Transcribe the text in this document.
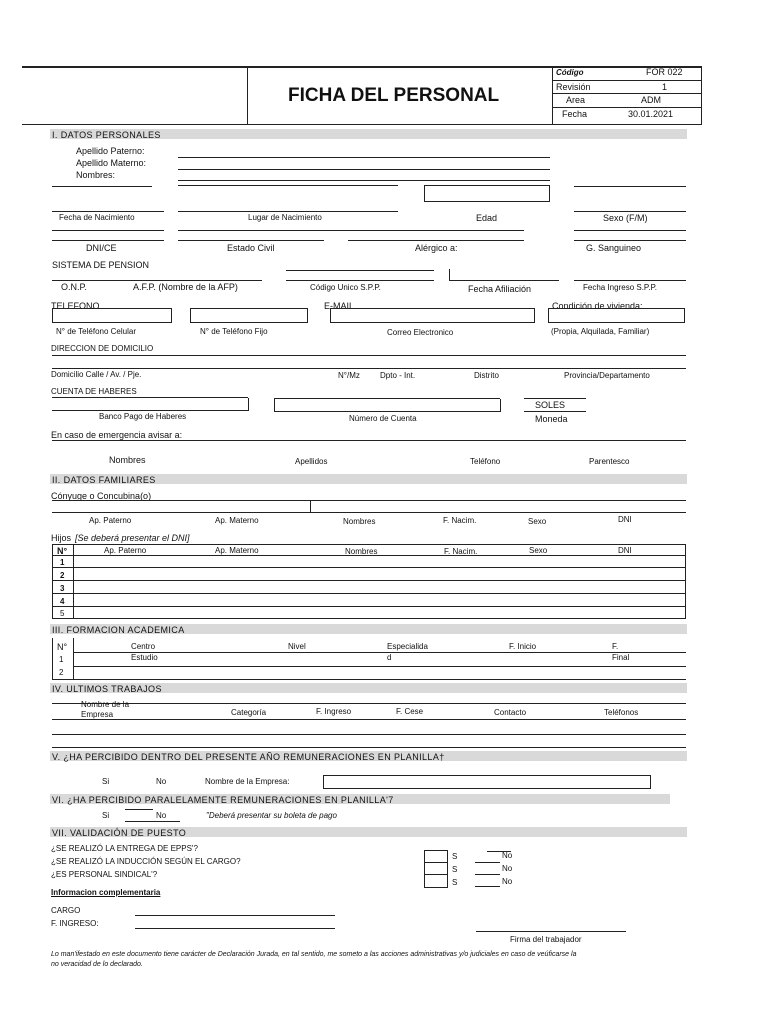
FICHA DEL PERSONAL
Código	FOR 022
Revisión	1
Area	ADM
Fecha	30.01.2021
I. DATOS PERSONALES
Apellido Paterno:
Apellido Materno:
Nombres:
Fecha de Nacimiento	Lugar de Nacimiento	Edad	Sexo (F/M)
DNI/CE	Estado Civil	Alérgico a:	G. Sanguineo
SISTEMA DE PENSION
O.N.P.	A.F.P. (Nombre de la AFP)	Código Unico S.P.P.	Fecha Afiliación	Fecha Ingreso S.P.P.
TELEFONO	E-MAIL	Condición de vivienda:
N° de Teléfono Celular	N° de Teléfono Fijo	Correo Electronico	(Propia, Alquilada, Familiar)
DIRECCION DE DOMICILIO
Domicilio Calle / Av. / Pje.	N°/Mz	Dpto - Int.	Distrito	Provincia/Departamento
CUENTA DE HABERES
SOLES
Banco Pago de Haberes	Número de Cuenta	Moneda
En caso de emergencia avisar a:
Nombres	Apellidos	Teléfono	Parentesco
II. DATOS FAMILIARES
Cónyuge o Concubina(o)
Ap. Paterno	Ap. Materno	Nombres	F. Nacim.	Sexo	DNI
Hijos [Se deberá presentar el DNI]
N°	Ap. Paterno	Ap. Materno	Nombres	F. Nacim.	Sexo	DNI
1
2
3
4
5
III. FORMACION ACADEMICA
N°	Centro	Nivel	Especialida	F. Inicio	F.
Estudio	d	Final
1
2
IV. ULTIMOS TRABAJOS
Nombre de la
Empresa	Categoría	F. Ingreso	F. Cese	Contacto	Teléfonos
V. ¿HA PERCIBIDO DENTRO DEL PRESENTE AÑO REMUNERACIONES EN PLANILLA†
Si	No	Nombre de la Empresa:
VI. ¿HA PERCIBIDO PARALELAMENTE REMUNERACIONES EN PLANILLA'7
Si	No	"Deberá presentar su boleta de pago
VII. VALIDACIÓN DE PUESTO
¿SE REALIZÓ LA ENTREGA DE EPPS'?
¿SE REALIZÓ LA INDUCCIÓN SEGÚN EL CARGO?
¿ES PERSONAL SINDICAL'?
S
S
S
No
No
No
Informacion complementaria
CARGO
F. INGRESO:
Firma del trabajador
Lo man'ifestado en este documento tiene carácter de Declaración Jurada, en tal sentido, me someto a las acciones administrativas y/o judiciales en caso de veúficarse la
no veracidad de lo declarado.
